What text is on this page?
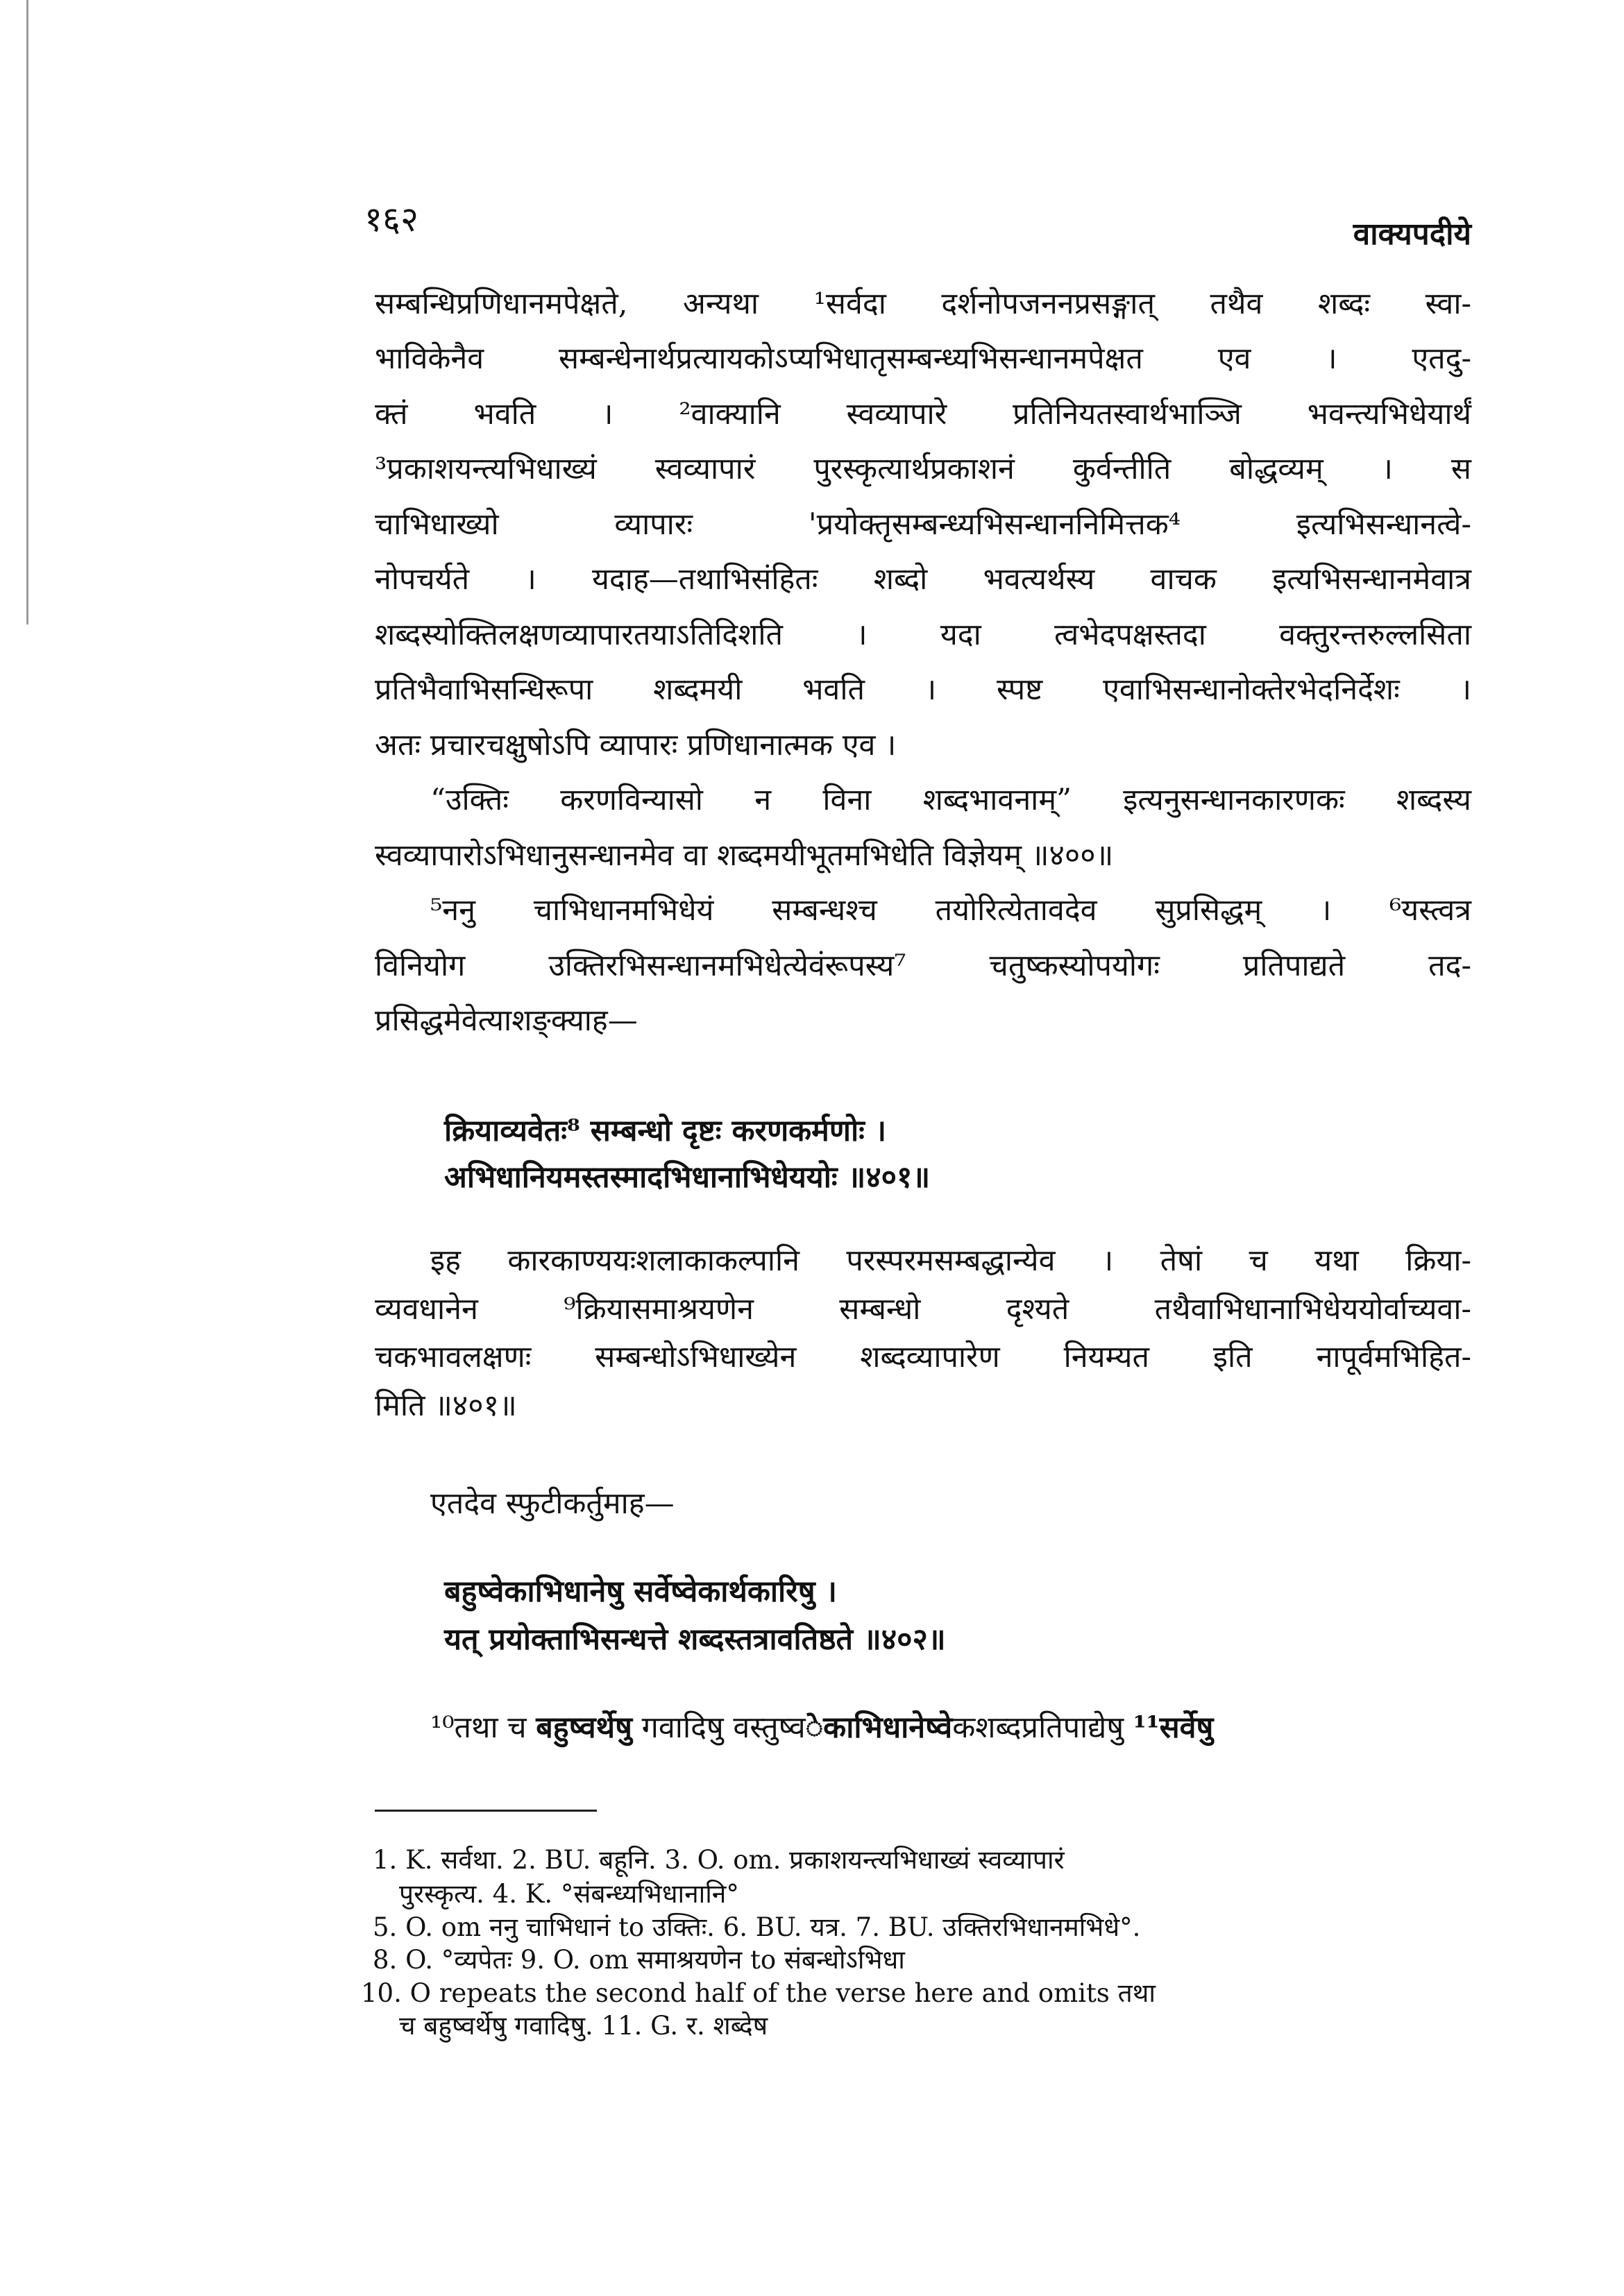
१६२	वाक्यपदीये
सम्बन्धिप्रणिधानमपेक्षते, अन्यथा ¹सर्वदा दर्शनोपजननप्रसङ्गात् तथैव शब्दः स्वा-
भाविकेनैव सम्बन्धेनार्थप्रत्यायकोऽप्यभिधातृसम्बन्ध्यभिसन्धानमपेक्षत एव । एतदु-
क्तं भवति । ²वाक्यानि स्वव्यापारे प्रतिनियतस्वार्थभाञ्जि भवन्त्यभिधेयार्थं
³प्रकाशयन्त्यभिधाख्यं स्वव्यापारं पुरस्कृत्यार्थप्रकाशनं कुर्वन्तीति बोद्धव्यम् । स
चाभिधाख्यो व्यापारः 'प्रयोक्तृसम्बन्ध्यभिसन्धाननिमित्तक⁴ इत्यभिसन्धानत्वे-
नोपचर्यते । यदाह—तथाभिसंहितः शब्दो भवत्यर्थस्य वाचक इत्यभिसन्धानमेवात्र
शब्दस्योक्तिलक्षणव्यापारतयाऽतिदिशति । यदा त्वभेदपक्षस्तदा वक्तुरन्तरुल्लसिता
प्रतिभैवाभिसन्धिरूपा शब्दमयी भवति । स्पष्ट एवाभिसन्धानोक्तेरभेदनिर्देशः ।
अतः प्रचारचक्षुषोऽपि व्यापारः प्रणिधानात्मक एव ।
“उक्तिः करणविन्यासो न विना शब्दभावनाम्” इत्यनुसन्धानकारणकः शब्दस्य
स्वव्यापारोऽभिधानुसन्धानमेव वा शब्दमयीभूतमभिधेति विज्ञेयम् ॥४००॥
⁵ननु चाभिधानमभिधेयं सम्बन्धश्च तयोरित्येतावदेव सुप्रसिद्धम् । ⁶यस्त्वत्र
विनियोग उक्तिरभिसन्धानमभिधेत्येवंरूपस्य⁷ चतुष्कस्योपयोगः प्रतिपाद्यते तद-
प्रसिद्धमेवेत्याशङ्क्याह—
क्रियाव्यवेतः⁸ सम्बन्धो दृष्टः करणकर्मणोः ।
अभिधानियमस्तस्मादभिधानाभिधेययोः ॥४०१॥
इह कारकाण्ययःशलाकाकल्पानि परस्परमसम्बद्धान्येव । तेषां च यथा क्रिया-
व्यवधानेन ⁹क्रियासमाश्रयणेन सम्बन्धो दृश्यते तथैवाभिधानाभिधेययोर्वाच्यवा-
चकभावलक्षणः सम्बन्धोऽभिधाख्येन शब्दव्यापारेण नियम्यत इति नापूर्वमभिहित-
मिति ॥४०१॥
एतदेव स्फुटीकर्तुमाह—
बहुष्वेकाभिधानेषु सर्वेष्वेकार्थकारिषु ।
यत् प्रयोक्ताभिसन्धत्ते शब्दस्तत्रावतिष्ठते ॥४०२॥
¹⁰तथा च बहुष्वर्थेषु गवादिषु वस्तुष्वेकाभिधानेष्वेकशब्दप्रतिपाद्येषु ¹¹सर्वेषु
1. K. सर्वथा. 2. BU. बहूनि. 3. O. om. प्रकाशयन्त्यभिधाख्यं स्वव्यापारं
पुरस्कृत्य. 4. K. °संबन्ध्यभिधानानि°
5. O. om ननु चाभिधानं to उक्तिः. 6. BU. यत्र. 7. BU. उक्तिरभिधानमभिधे°.
8. O. °व्यपेतः 9. O. om समाश्रयणेन to संबन्धोऽभिधा
10. O repeats the second half of the verse here and omits तथा
च बहुष्वर्थेषु गवादिषु. 11. G. र. शब्देष
